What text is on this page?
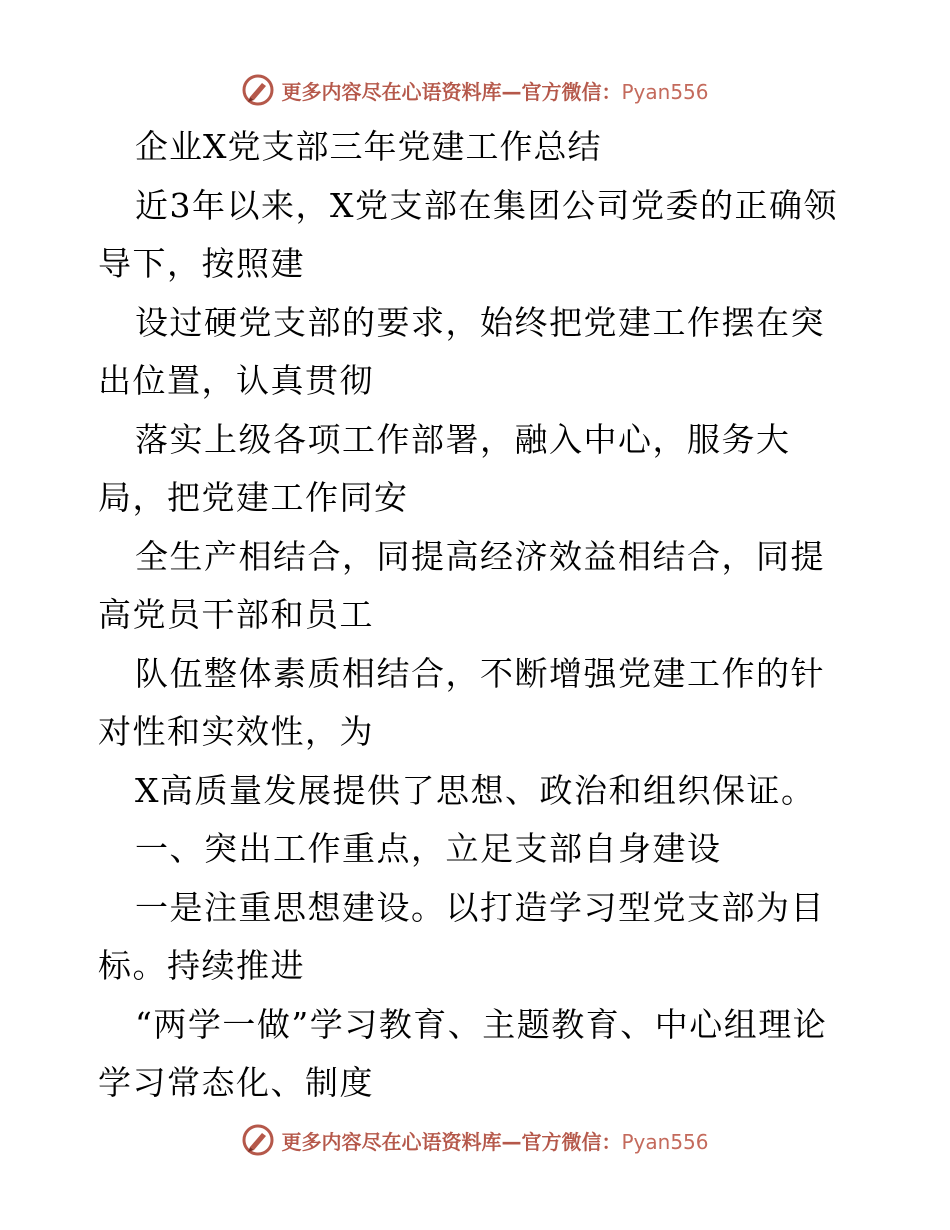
更多内容尽在心语资料库—官方微信：Pyan556

企业X党支部三年党建工作总结

近3年以来，X党支部在集团公司党委的正确领导下，按照建

设过硬党支部的要求，始终把党建工作摆在突出位置，认真贯彻

落实上级各项工作部署，融入中心，服务大局，把党建工作同安

全生产相结合，同提高经济效益相结合，同提高党员干部和员工

队伍整体素质相结合，不断增强党建工作的针对性和实效性，为

X高质量发展提供了思想、政治和组织保证。

一、突出工作重点，立足支部自身建设

一是注重思想建设。以打造学习型党支部为目标。持续推进

“两学一做”学习教育、主题教育、中心组理论学习常态化、制度

更多内容尽在心语资料库—官方微信：Pyan556
